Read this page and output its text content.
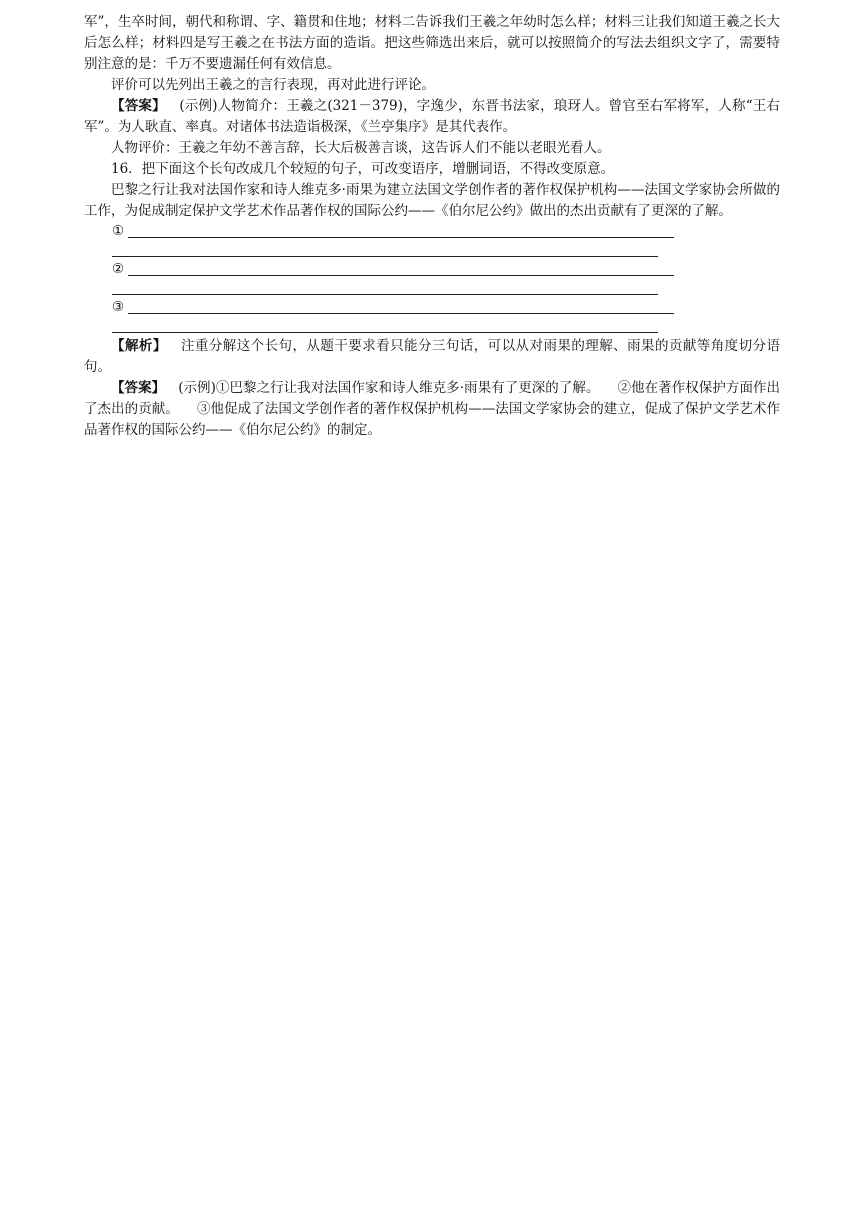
军”，生卒时间，朝代和称谓、字、籍贯和住地；材料二告诉我们王羲之年幼时怎么样；材料三让我们知道王羲之长大后怎么样；材料四是写王羲之在书法方面的造诣。把这些筛选出来后，就可以按照简介的写法去组织文字了，需要特别注意的是：千万不要遗漏任何有效信息。

评价可以先列出王羲之的言行表现，再对此进行评论。

【答案】 (示例)人物简介：王羲之(321－379)，字逸少，东晋书法家，琅玡人。曾官至右军将军，人称“王右军”。为人耿直、率真。对诸体书法造诣极深，《兰亭集序》是其代表作。

人物评价：王羲之年幼不善言辞，长大后极善言谈，这告诉人们不能以老眼光看人。

16．把下面这个长句改成几个较短的句子，可改变语序，增删词语，不得改变原意。

巴黎之行让我对法国作家和诗人维克多·雨果为建立法国文学创作者的著作权保护机构——法国文学家协会所做的工作，为促成制定保护文学艺术作品著作权的国际公约——《伯尔尼公约》做出的杰出贡献有了更深的了解。

①
②
③

【解析】 注重分解这个长句，从题干要求看只能分三句话，可以从对雨果的理解、雨果的贡献等角度切分语句。

【答案】 (示例)①巴黎之行让我对法国作家和诗人维克多·雨果有了更深的了解。 ②他在著作权保护方面作出了杰出的贡献。 ③他促成了法国文学创作者的著作权保护机构——法国文学家协会的建立，促成了保护文学艺术作品著作权的国际公约——《伯尔尼公约》的制定。
